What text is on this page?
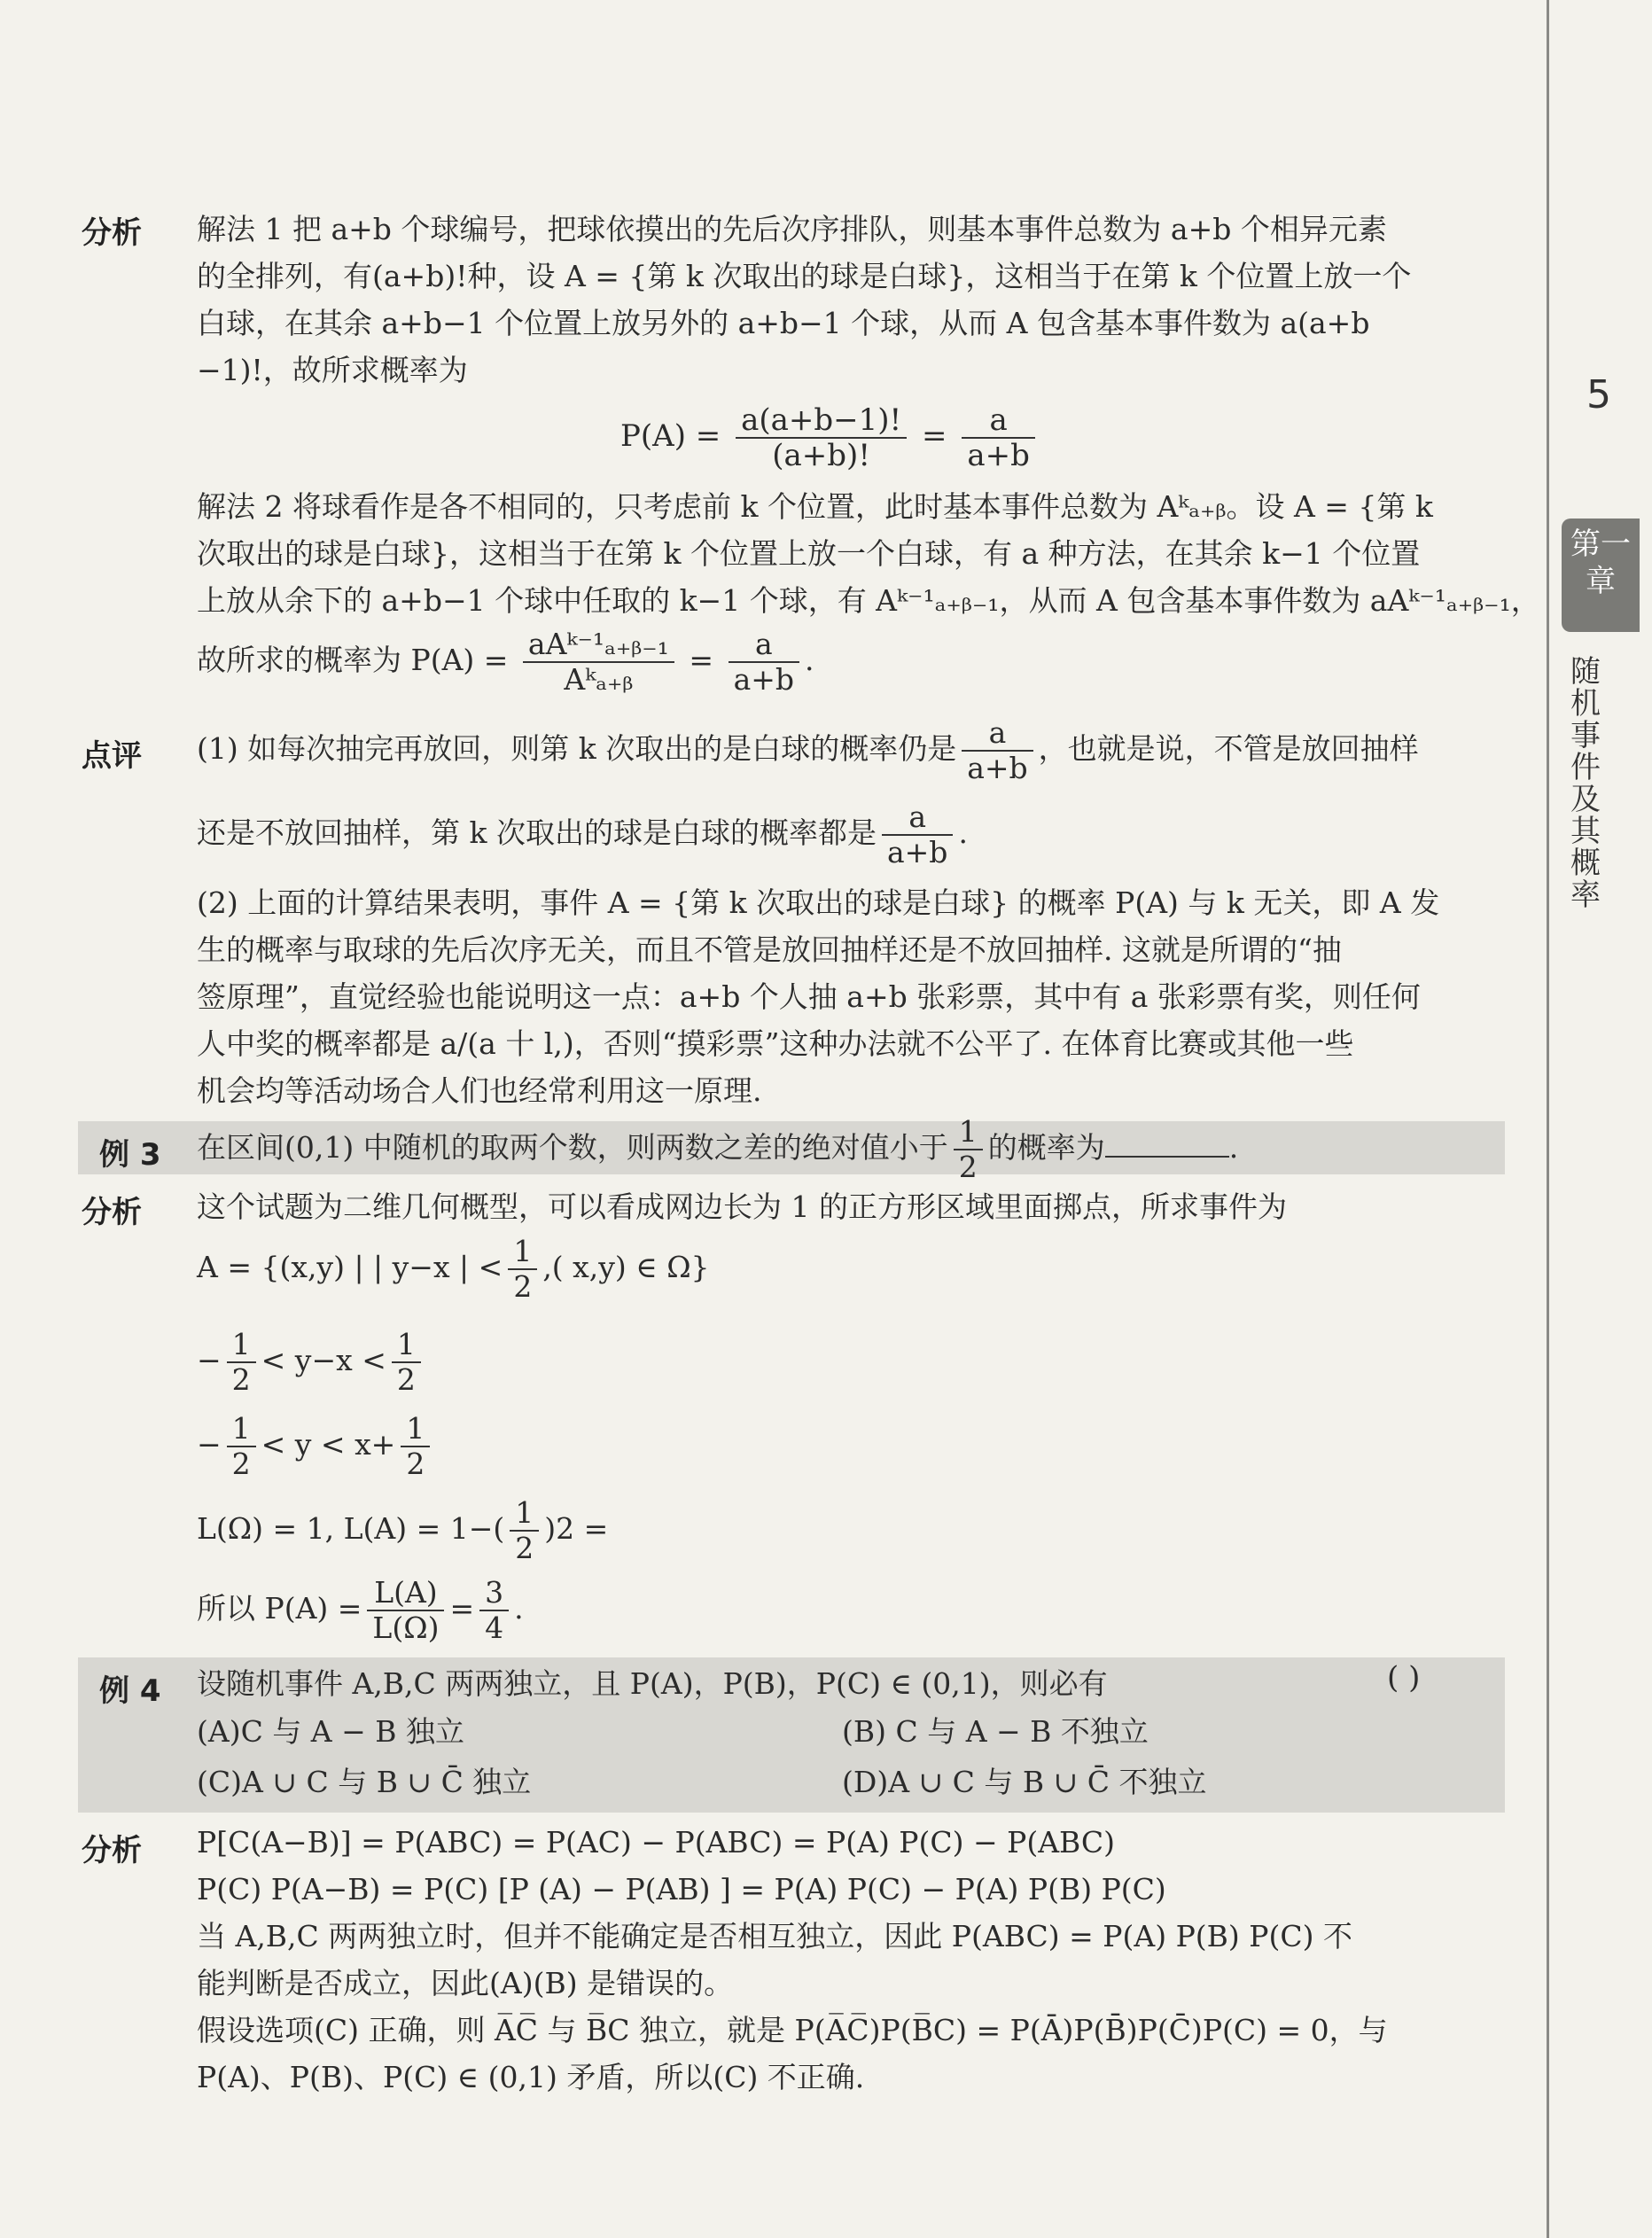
5
第一章
随机事件及其概率
分析 解法 1 把 a+b 个球编号，把球依摸出的先后次序排队，则基本事件总数为 a+b 个相异元素
的全排列，有(a+b)!种，设 A = {第 k 次取出的球是白球}，这相当于在第 k 个位置上放一个
白球，在其余 a+b−1 个位置上放另外的 a+b−1 个球，从而 A 包含基本事件数为 a(a+b
−1)!，故所求概率为
$P(A) = \frac{a(a+b-1)!}{(a+b)!} = \frac{a}{a+b}$
解法 2 将球看作是各不相同的，只考虑前 k 个位置，此时基本事件总数为 Aᵏₐ₊ᵦ。设 A = {第 k
次取出的球是白球}，这相当于在第 k 个位置上放一个白球，有 a 种方法，在其余 k−1 个位置
上放从余下的 a+b−1 个球中任取的 k−1 个球，有 Aᵏ⁻¹ₐ₊ᵦ₋₁，从而 A 包含基本事件数为 aAᵏ⁻¹ₐ₊ᵦ₋₁，
故所求的概率为 $P(A) = \frac{\text{aAᵏ⁻¹ₐ₊ᵦ₋₁}}{\text{Aᵏₐ₊ᵦ}} = \frac{a}{a+b}$ .
点评 (1) 如每次抽完再放回，则第 k 次取出的是白球的概率仍是 $\frac{a}{a+b}$ ，也就是说，不管是放回抽样
还是不放回抽样，第 k 次取出的球是白球的概率都是 $\frac{a}{a+b}$ .
(2) 上面的计算结果表明，事件 A = {第 k 次取出的球是白球} 的概率 P(A) 与 k 无关，即 A 发
生的概率与取球的先后次序无关，而且不管是放回抽样还是不放回抽样. 这就是所谓的“抽
签原理”，直觉经验也能说明这一点：a+b 个人抽 a+b 张彩票，其中有 a 张彩票有奖，则任何
人中奖的概率都是 a/(a 十 l,)，否则“摸彩票”这种办法就不公平了. 在体育比赛或其他一些
机会均等活动场合人们也经常利用这一原理.
例 3 在区间(0,1) 中随机的取两个数，则两数之差的绝对值小于 $\frac{1}{2}$ 的概率为	.
分析 这个试题为二维几何概型，可以看成网边长为 1 的正方形区域里面掷点，所求事件为
A = {(x,y) | | y−x | < $\frac{1}{2}$ ,( x,y) ∈ Ω}
− $\frac{1}{2} < y-x < \frac{1}{2}$
− $\frac{1}{2} < y < x+ \frac{1}{2}$
L(Ω) = 1, $L(A) = 1-( \frac{1}{2} )2$ =
所以 $P(A) = \frac{L(A)}{L(\Omega)} = \frac{3}{4}$ .
例 4 设随机事件 A,B,C 两两独立，且 P(A)，P(B)，P(C) ∈ (0,1)，则必有	( )
(A)C 与 A − B 独立	(B) C 与 A − B 不独立
(C)A ∪ C 与 B ∪ C̄ 独立	(D)A ∪ C 与 B ∪ C̄ 不独立
分析 P[C(A−B)] = P(ABC) = P(AC) − P(ABC) = P(A) P(C) − P(ABC)
P(C) P(A−B) = P(C) [P (A) − P(AB) ] = P(A) P(C) − P(A) P(B) P(C)
当 A,B,C 两两独立时，但并不能确定是否相互独立，因此 P(ABC) = P(A) P(B) P(C) 不
能判断是否成立，因此(A)(B) 是错误的。
假设选项(C) 正确，则 A̅C̅ 与 B̅C 独立，就是 P(A̅C̅)P(B̅C) = P(Ā)P(B̄)P(C̄)P(C) = 0，与
P(A)、P(B)、P(C) ∈ (0,1) 矛盾，所以(C) 不正确.
